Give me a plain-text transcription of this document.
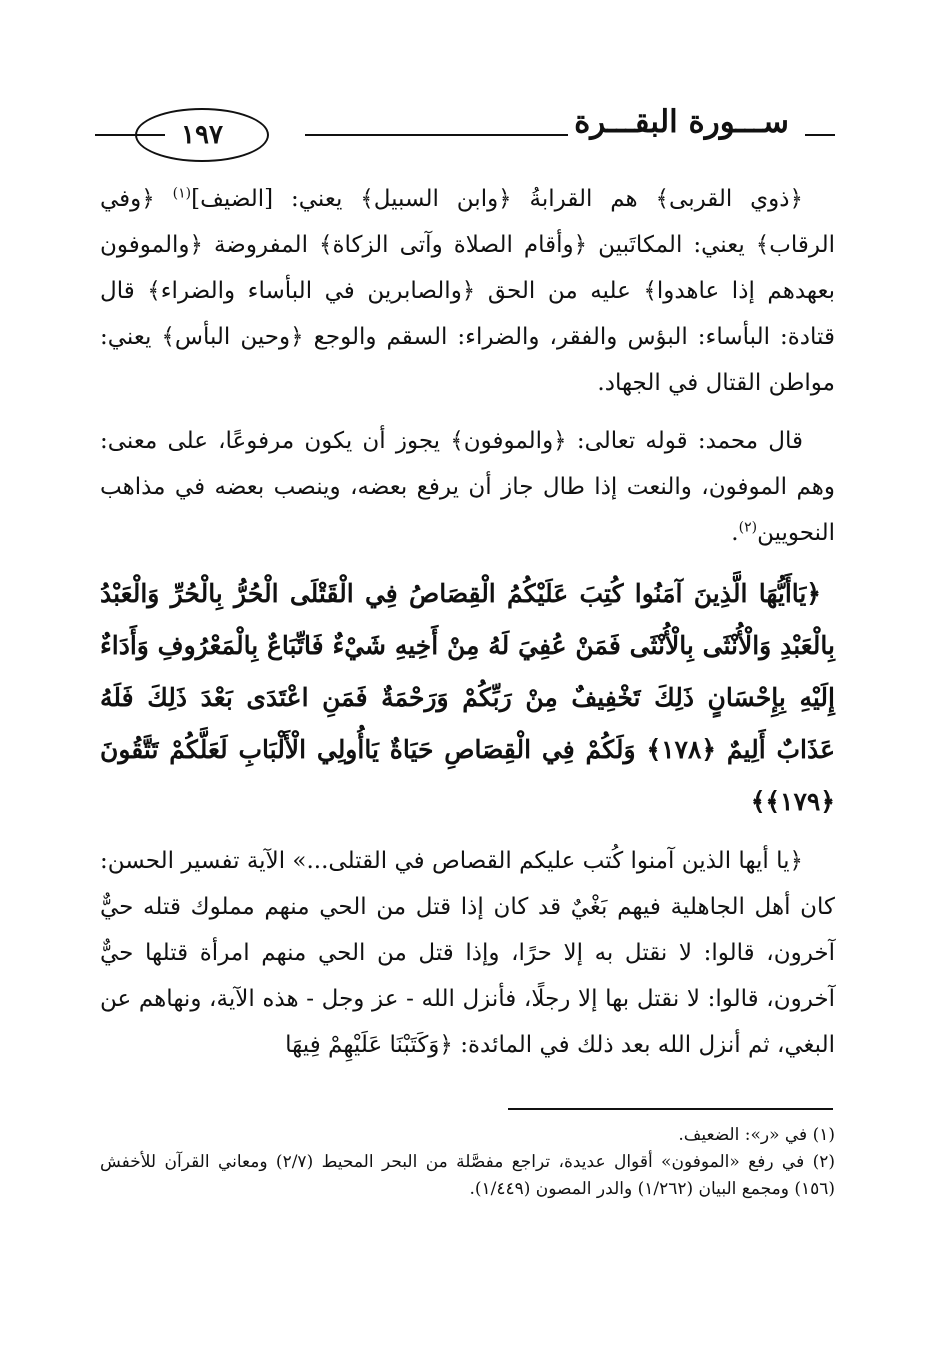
ســـورة البقـــرة
١٩٧

﴿ذوي القربى﴾ هم القرابةُ ﴿وابن السبيل﴾ يعني: [الضيف]$^{(١)}$ ﴿وفي الرقاب﴾ يعني: المكاتَبين ﴿وأقام الصلاة وآتى الزكاة﴾ المفروضة ﴿والموفون بعهدهم إذا عاهدوا﴾ عليه من الحق ﴿والصابرين في البأساء والضراء﴾ قال قتادة: البأساء: البؤس والفقر، والضراء: السقم والوجع ﴿وحين البأس﴾ يعني: مواطن القتال في الجهاد.

قال محمد: قوله تعالى: ﴿والموفون﴾ يجوز أن يكون مرفوعًا، على معنى: وهم الموفون، والنعت إذا طال جاز أن يرفع بعضه، وينصب بعضه في مذاهب النحويين$^{(٢)}$.

﴿يَاأَيُّهَا الَّذِينَ آمَنُوا كُتِبَ عَلَيْكُمُ الْقِصَاصُ فِي الْقَتْلَى الْحُرُّ بِالْحُرِّ وَالْعَبْدُ بِالْعَبْدِ وَالْأُنْثَى بِالْأُنْثَى فَمَنْ عُفِيَ لَهُ مِنْ أَخِيهِ شَيْءٌ فَاتِّبَاعٌ بِالْمَعْرُوفِ وَأَدَاءٌ إِلَيْهِ بِإِحْسَانٍ ذَلِكَ تَخْفِيفٌ مِنْ رَبِّكُمْ وَرَحْمَةٌ فَمَنِ اعْتَدَى بَعْدَ ذَلِكَ فَلَهُ عَذَابٌ أَلِيمٌ ﴿١٧٨﴾ وَلَكُمْ فِي الْقِصَاصِ حَيَاةٌ يَاأُولِي الْأَلْبَابِ لَعَلَّكُمْ تَتَّقُونَ ﴿١٧٩﴾﴾

﴿يا أيها الذين آمنوا كُتب عليكم القصاص في القتلى...» الآية تفسير الحسن: كان أهل الجاهلية فيهم بَغْيٌ قد كان إذا قتل من الحي منهم مملوك قتله حيٌّ آخرون، قالوا: لا نقتل به إلا حرًا، وإذا قتل من الحي منهم امرأة قتلها حيٌّ آخرون، قالوا: لا نقتل بها إلا رجلًا، فأنزل الله - عز وجل - هذه الآية، ونهاهم عن البغي، ثم أنزل الله بعد ذلك في المائدة: ﴿وَكَتَبْنَا عَلَيْهِمْ فِيهَا

(١) في «ر»: الضعيف.

(٢) في رفع «الموفون» أقوال عديدة، تراجع مفصَّلة من البحر المحيط (٢/٧) ومعاني القرآن للأخفش (١٥٦) ومجمع البيان (١/٢٦٢) والدر المصون (١/٤٤٩).
